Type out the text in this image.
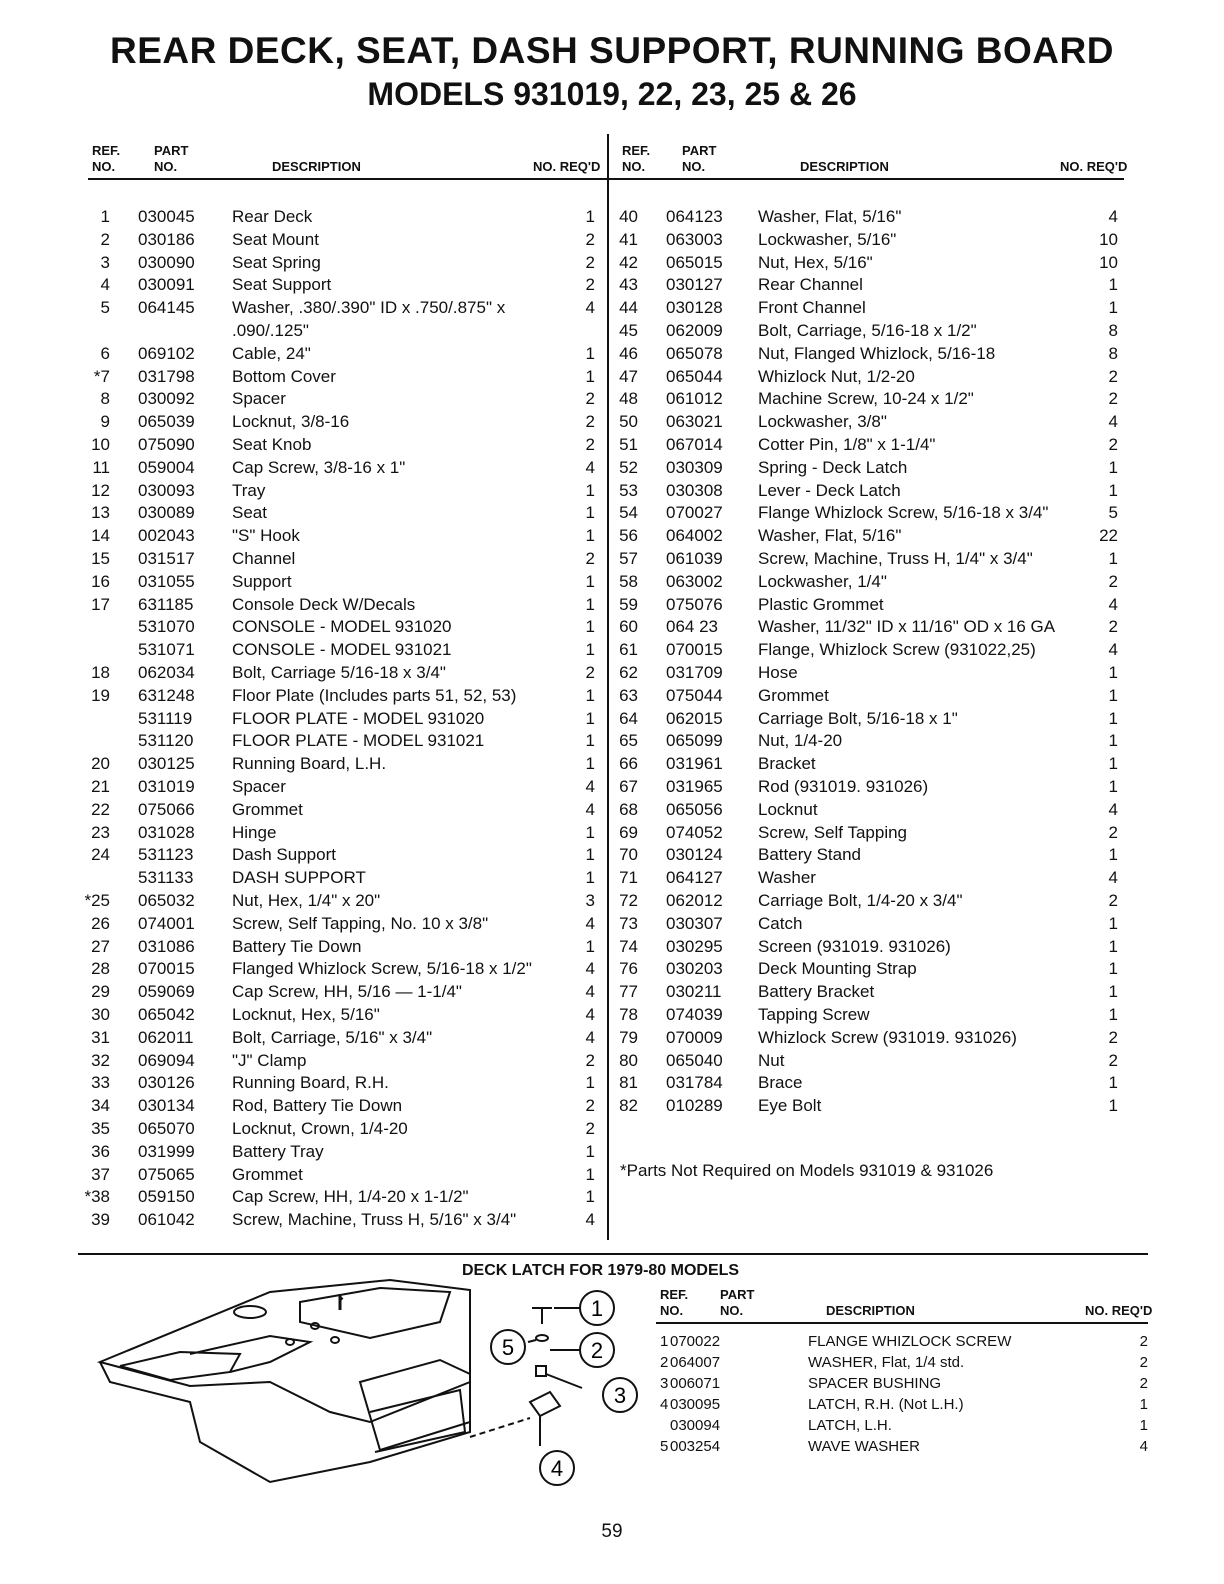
REAR DECK, SEAT, DASH SUPPORT, RUNNING BOARD
MODELS 931019, 22, 23, 25 & 26
REF.
NO.
PART
NO.	DESCRIPTION	NO. REQ'D
REF.
NO.
PART
NO.	DESCRIPTION	NO. REQ'D
1 030045 Rear Deck	1
2 030186 Seat Mount	2
3 030090 Seat Spring	2
4 030091 Seat Support	2
5 064145 Washer, .380/.390" ID x .750/.875" x	4
.090/.125"
6 069102 Cable, 24"	1
*7 031798 Bottom Cover	1
8 030092 Spacer	2
9 065039 Locknut, 3/8-16	2
10 075090 Seat Knob	2
11 059004 Cap Screw, 3/8-16 x 1"	4
12 030093 Tray	1
13 030089 Seat	1
14 002043 "S" Hook	1
15 031517 Channel	2
16 031055 Support	1
17 631185 Console Deck W/Decals	1
531070 CONSOLE - MODEL 931020	1
531071 CONSOLE - MODEL 931021	1
18 062034 Bolt, Carriage 5/16-18 x 3/4"	2
19 631248 Floor Plate (Includes parts 51, 52, 53)	1
531119 FLOOR PLATE - MODEL 931020	1
531120 FLOOR PLATE - MODEL 931021	1
20 030125 Running Board, L.H.	1
21 031019 Spacer	4
22 075066 Grommet	4
23 031028 Hinge	1
24 531123 Dash Support	1
531133 DASH SUPPORT	1
*25 065032 Nut, Hex, 1/4" x 20"	3
26 074001 Screw, Self Tapping, No. 10 x 3/8"	4
27 031086 Battery Tie Down	1
28 070015 Flanged Whizlock Screw, 5/16-18 x 1/2"	4
29 059069 Cap Screw, HH, 5/16 — 1-1/4"	4
30 065042 Locknut, Hex, 5/16"	4
31 062011 Bolt, Carriage, 5/16" x 3/4"	4
32 069094 "J" Clamp	2
33 030126 Running Board, R.H.	1
34 030134 Rod, Battery Tie Down	2
35 065070 Locknut, Crown, 1/4-20	2
36 031999 Battery Tray	1
37 075065 Grommet	1
*38 059150 Cap Screw, HH, 1/4-20 x 1-1/2"	1
39 061042 Screw, Machine, Truss H, 5/16" x 3/4"	4
40 064123 Washer, Flat, 5/16"	4
41 063003 Lockwasher, 5/16"	10
42 065015 Nut, Hex, 5/16"	10
43 030127 Rear Channel	1
44 030128 Front Channel	1
45 062009 Bolt, Carriage, 5/16-18 x 1/2"	8
46 065078 Nut, Flanged Whizlock, 5/16-18	8
47 065044 Whizlock Nut, 1/2-20	2
48 061012 Machine Screw, 10-24 x 1/2"	2
50 063021 Lockwasher, 3/8"	4
51 067014 Cotter Pin, 1/8" x 1-1/4"	2
52 030309 Spring - Deck Latch	1
53 030308 Lever - Deck Latch	1
54 070027 Flange Whizlock Screw, 5/16-18 x 3/4"	5
56 064002 Washer, Flat, 5/16"	22
57 061039 Screw, Machine, Truss H, 1/4" x 3/4"	1
58 063002 Lockwasher, 1/4"	2
59 075076 Plastic Grommet	4
60 064 23 Washer, 11/32" ID x 11/16" OD x 16 GA	2
61 070015 Flange, Whizlock Screw (931022,25)	4
62 031709 Hose	1
63 075044 Grommet	1
64 062015 Carriage Bolt, 5/16-18 x 1"	1
65 065099 Nut, 1/4-20	1
66 031961 Bracket	1
67 031965 Rod (931019. 931026)	1
68 065056 Locknut	4
69 074052 Screw, Self Tapping	2
70 030124 Battery Stand	1
71 064127 Washer	4
72 062012 Carriage Bolt, 1/4-20 x 3/4"	2
73 030307 Catch	1
74 030295 Screen (931019. 931026)	1
76 030203 Deck Mounting Strap	1
77 030211 Battery Bracket	1
78 074039 Tapping Screw	1
79 070009 Whizlock Screw (931019. 931026)	2
80 065040 Nut	2
81 031784 Brace	1
82 010289 Eye Bolt	1
*Parts Not Required on Models 931019 & 931026
DECK LATCH FOR 1979-80 MODELS
REF.
NO.
PART
NO.	DESCRIPTION	NO. REQ'D
1 070022	FLANGE WHIZLOCK SCREW	2
2 064007	WASHER, Flat, 1/4 std.	2
3 006071	SPACER BUSHING	2
4 030095	LATCH, R.H. (Not L.H.)	1
030094	LATCH, L.H.	1
5 003254	WAVE WASHER	4
1
2
3
4
5
59
